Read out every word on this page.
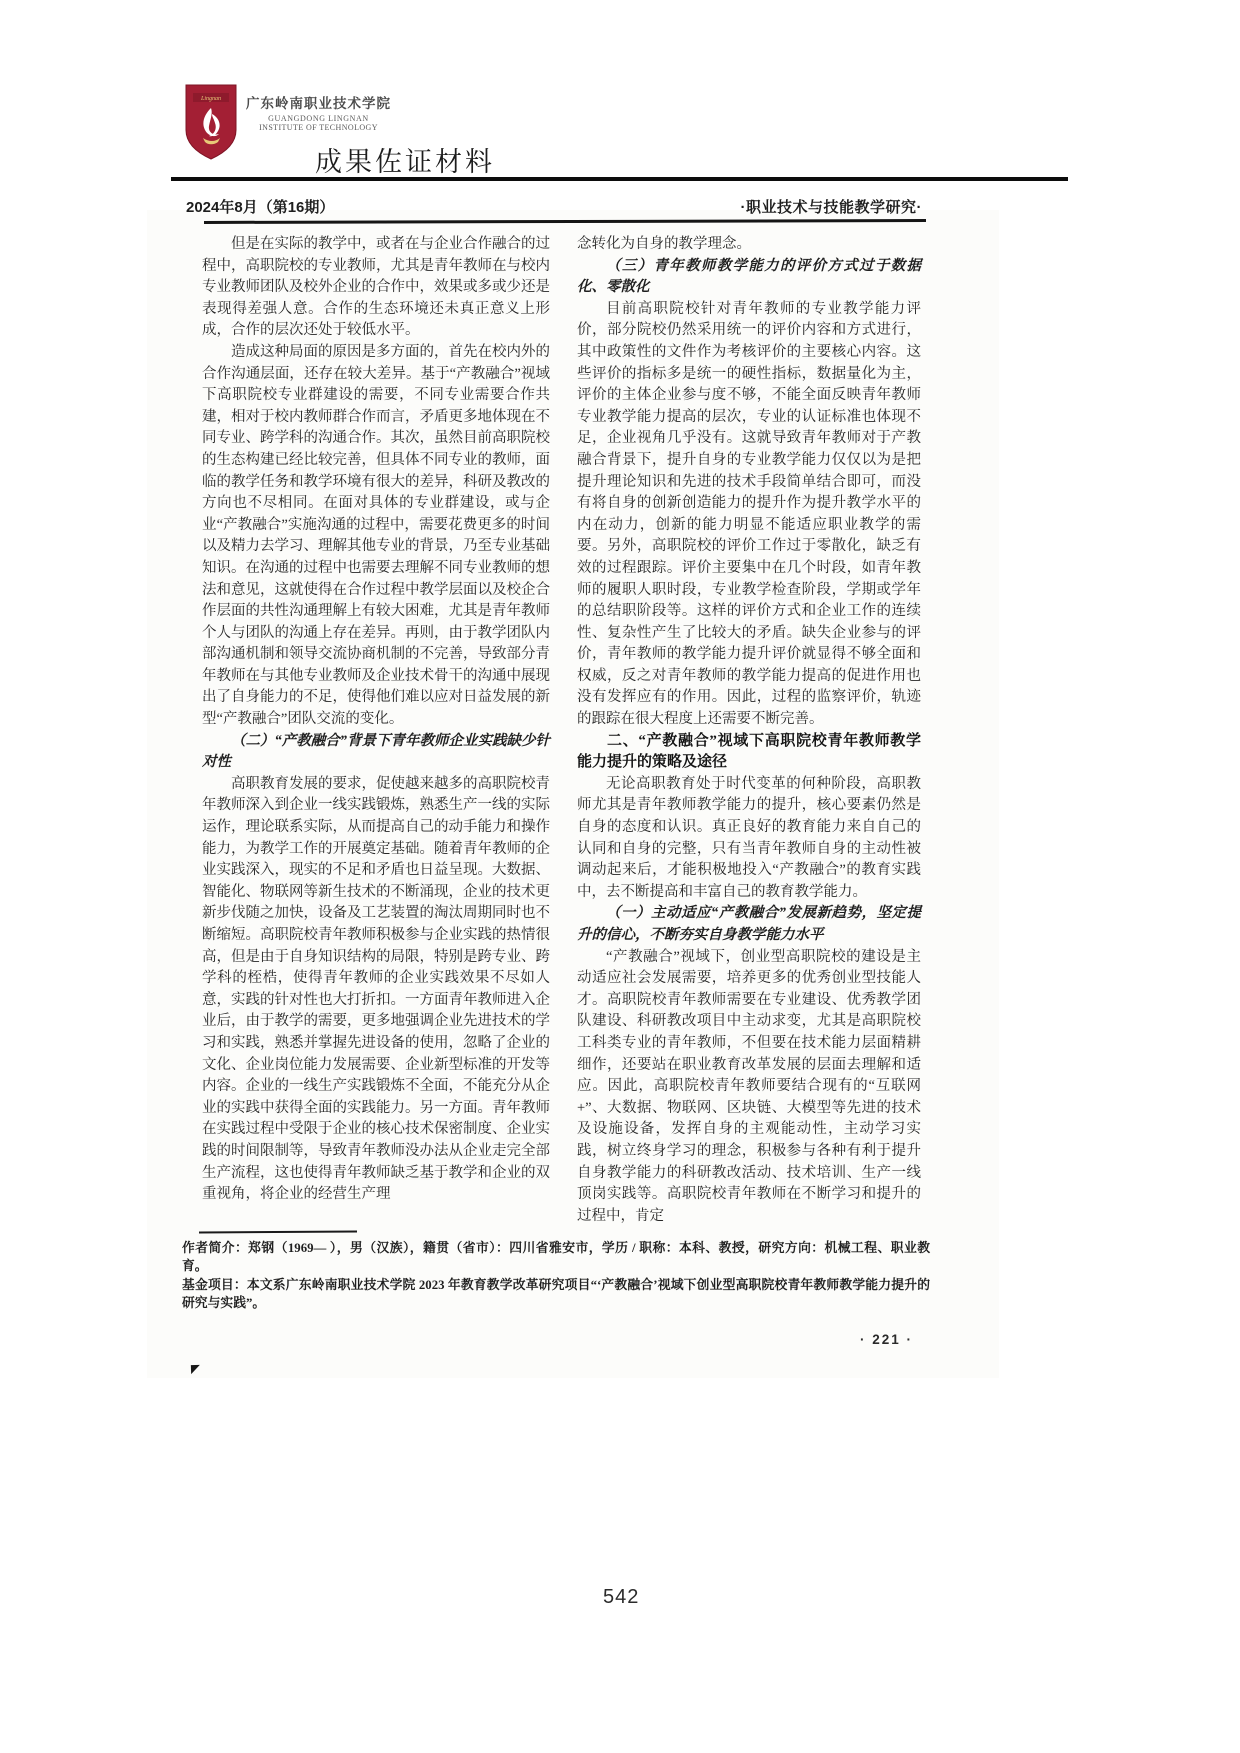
Lingnan 广东岭南职业技术学院
GUANGDONG LINGNAN
INSTITUTE OF TECHNOLOGY
成果佐证材料
2024年8月（第16期）	·职业技术与技能教学研究·

但是在实际的教学中，或者在与企业合作融合的过程中，高职院校的专业教师，尤其是青年教师在与校内专业教师团队及校外企业的合作中，效果或多或少还是表现得差强人意。合作的生态环境还未真正意义上形成，合作的层次还处于较低水平。

造成这种局面的原因是多方面的，首先在校内外的合作沟通层面，还存在较大差异。基于“产教融合”视域下高职院校专业群建设的需要，不同专业需要合作共建，相对于校内教师群合作而言，矛盾更多地体现在不同专业、跨学科的沟通合作。其次，虽然目前高职院校的生态构建已经比较完善，但具体不同专业的教师，面临的教学任务和教学环境有很大的差异，科研及教改的方向也不尽相同。在面对具体的专业群建设，或与企业“产教融合”实施沟通的过程中，需要花费更多的时间以及精力去学习、理解其他专业的背景，乃至专业基础知识。在沟通的过程中也需要去理解不同专业教师的想法和意见，这就使得在合作过程中教学层面以及校企合作层面的共性沟通理解上有较大困难，尤其是青年教师个人与团队的沟通上存在差异。再则，由于教学团队内部沟通机制和领导交流协商机制的不完善，导致部分青年教师在与其他专业教师及企业技术骨干的沟通中展现出了自身能力的不足，使得他们难以应对日益发展的新型“产教融合”团队交流的变化。

（二）“产教融合”背景下青年教师企业实践缺少针对性

高职教育发展的要求，促使越来越多的高职院校青年教师深入到企业一线实践锻炼，熟悉生产一线的实际运作，理论联系实际，从而提高自己的动手能力和操作能力，为教学工作的开展奠定基础。随着青年教师的企业实践深入，现实的不足和矛盾也日益呈现。大数据、智能化、物联网等新生技术的不断涌现，企业的技术更新步伐随之加快，设备及工艺装置的淘汰周期同时也不断缩短。高职院校青年教师积极参与企业实践的热情很高，但是由于自身知识结构的局限，特别是跨专业、跨学科的桎梏，使得青年教师的企业实践效果不尽如人意，实践的针对性也大打折扣。一方面青年教师进入企业后，由于教学的需要，更多地强调企业先进技术的学习和实践，熟悉并掌握先进设备的使用，忽略了企业的文化、企业岗位能力发展需要、企业新型标准的开发等内容。企业的一线生产实践锻炼不全面，不能充分从企业的实践中获得全面的实践能力。另一方面。青年教师在实践过程中受限于企业的核心技术保密制度、企业实践的时间限制等，导致青年教师没办法从企业走完全部生产流程，这也使得青年教师缺乏基于教学和企业的双重视角，将企业的经营生产理

念转化为自身的教学理念。

（三）青年教师教学能力的评价方式过于数据化、零散化

目前高职院校针对青年教师的专业教学能力评价，部分院校仍然采用统一的评价内容和方式进行，其中政策性的文件作为考核评价的主要核心内容。这些评价的指标多是统一的硬性指标，数据量化为主，评价的主体企业参与度不够，不能全面反映青年教师专业教学能力提高的层次，专业的认证标准也体现不足，企业视角几乎没有。这就导致青年教师对于产教融合背景下，提升自身的专业教学能力仅仅以为是把提升理论知识和先进的技术手段简单结合即可，而没有将自身的创新创造能力的提升作为提升教学水平的内在动力，创新的能力明显不能适应职业教学的需要。另外，高职院校的评价工作过于零散化，缺乏有效的过程跟踪。评价主要集中在几个时段，如青年教师的履职人职时段，专业教学检查阶段，学期或学年的总结职阶段等。这样的评价方式和企业工作的连续性、复杂性产生了比较大的矛盾。缺失企业参与的评价，青年教师的教学能力提升评价就显得不够全面和权威，反之对青年教师的教学能力提高的促进作用也没有发挥应有的作用。因此，过程的监察评价，轨迹的跟踪在很大程度上还需要不断完善。

二、“产教融合”视域下高职院校青年教师教学能力提升的策略及途径

无论高职教育处于时代变革的何种阶段，高职教师尤其是青年教师教学能力的提升，核心要素仍然是自身的态度和认识。真正良好的教育能力来自自己的认同和自身的完整，只有当青年教师自身的主动性被调动起来后，才能积极地投入“产教融合”的教育实践中，去不断提高和丰富自己的教育教学能力。

（一）主动适应“产教融合”发展新趋势，坚定提升的信心，不断夯实自身教学能力水平

“产教融合”视域下，创业型高职院校的建设是主动适应社会发展需要，培养更多的优秀创业型技能人才。高职院校青年教师需要在专业建设、优秀教学团队建设、科研教改项目中主动求变，尤其是高职院校工科类专业的青年教师，不但要在技术能力层面精耕细作，还要站在职业教育改革发展的层面去理解和适应。因此，高职院校青年教师要结合现有的“互联网+”、大数据、物联网、区块链、大模型等先进的技术及设施设备，发挥自身的主观能动性，主动学习实践，树立终身学习的理念，积极参与各种有利于提升自身教学能力的科研教改活动、技术培训、生产一线顶岗实践等。高职院校青年教师在不断学习和提升的过程中，肯定

作者简介：郑钢（1969— ），男（汉族），籍贯（省市）：四川省雅安市，学历 / 职称：本科、教授，研究方向：机械工程、职业教育。

基金项目：本文系广东岭南职业技术学院 2023 年教育教学改革研究项目“‘产教融合’视域下创业型高职院校青年教师教学能力提升的研究与实践”。

· 221 ·
542
